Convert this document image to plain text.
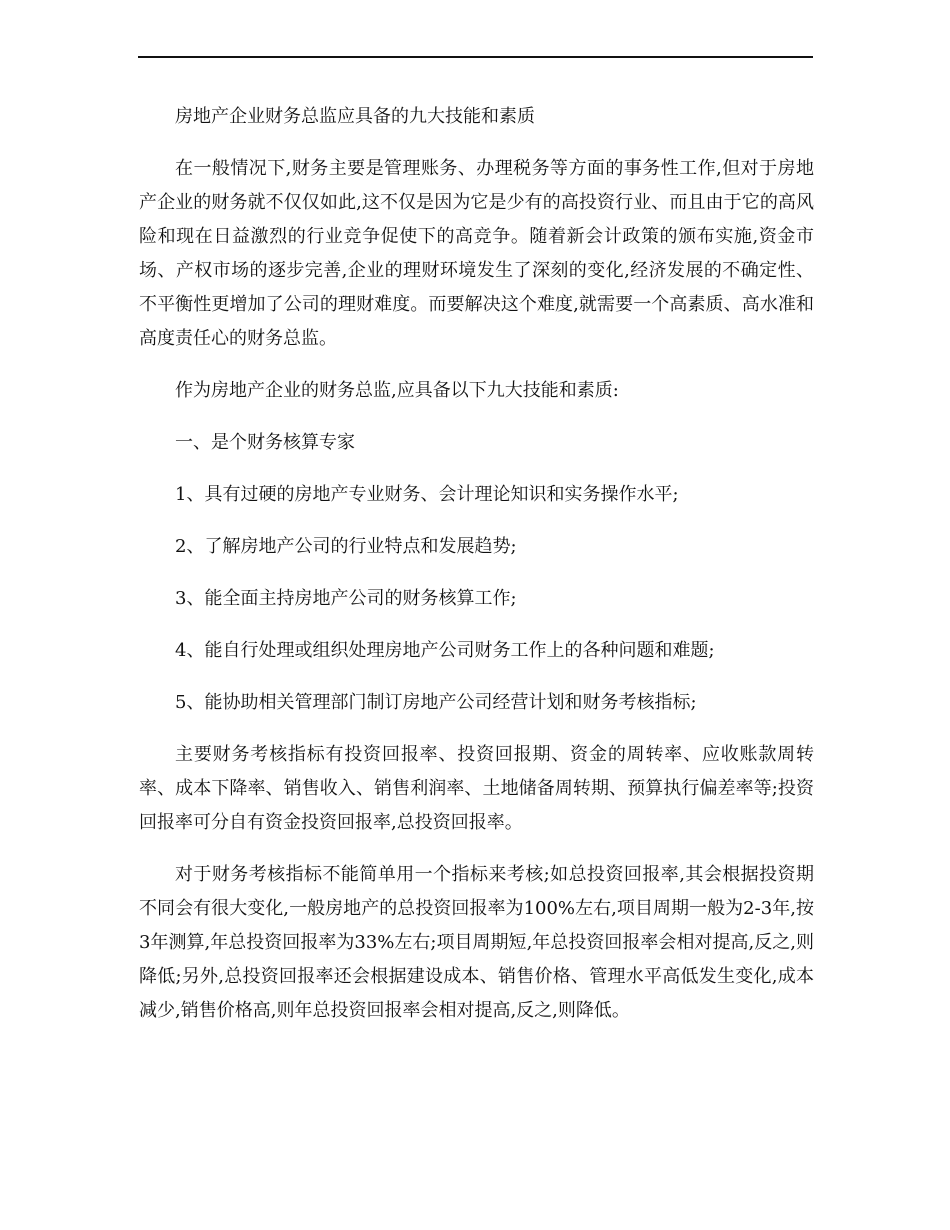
房地产企业财务总监应具备的九大技能和素质

在一般情况下,财务主要是管理账务、办理税务等方面的事务性工作,但对于房地产企业的财务就不仅仅如此,这不仅是因为它是少有的高投资行业、而且由于它的高风险和现在日益激烈的行业竞争促使下的高竞争。随着新会计政策的颁布实施,资金市场、产权市场的逐步完善,企业的理财环境发生了深刻的变化,经济发展的不确定性、不平衡性更增加了公司的理财难度。而要解决这个难度,就需要一个高素质、高水准和高度责任心的财务总监。

作为房地产企业的财务总监,应具备以下九大技能和素质:

一、是个财务核算专家

1、具有过硬的房地产专业财务、会计理论知识和实务操作水平;

2、了解房地产公司的行业特点和发展趋势;

3、能全面主持房地产公司的财务核算工作;

4、能自行处理或组织处理房地产公司财务工作上的各种问题和难题;

5、能协助相关管理部门制订房地产公司经营计划和财务考核指标;

主要财务考核指标有投资回报率、投资回报期、资金的周转率、应收账款周转率、成本下降率、销售收入、销售利润率、土地储备周转期、预算执行偏差率等;投资回报率可分自有资金投资回报率,总投资回报率。

对于财务考核指标不能简单用一个指标来考核;如总投资回报率,其会根据投资期不同会有很大变化,一般房地产的总投资回报率为100%左右,项目周期一般为2-3年,按3年测算,年总投资回报率为33%左右;项目周期短,年总投资回报率会相对提高,反之,则降低;另外,总投资回报率还会根据建设成本、销售价格、管理水平高低发生变化,成本减少,销售价格高,则年总投资回报率会相对提高,反之,则降低。
